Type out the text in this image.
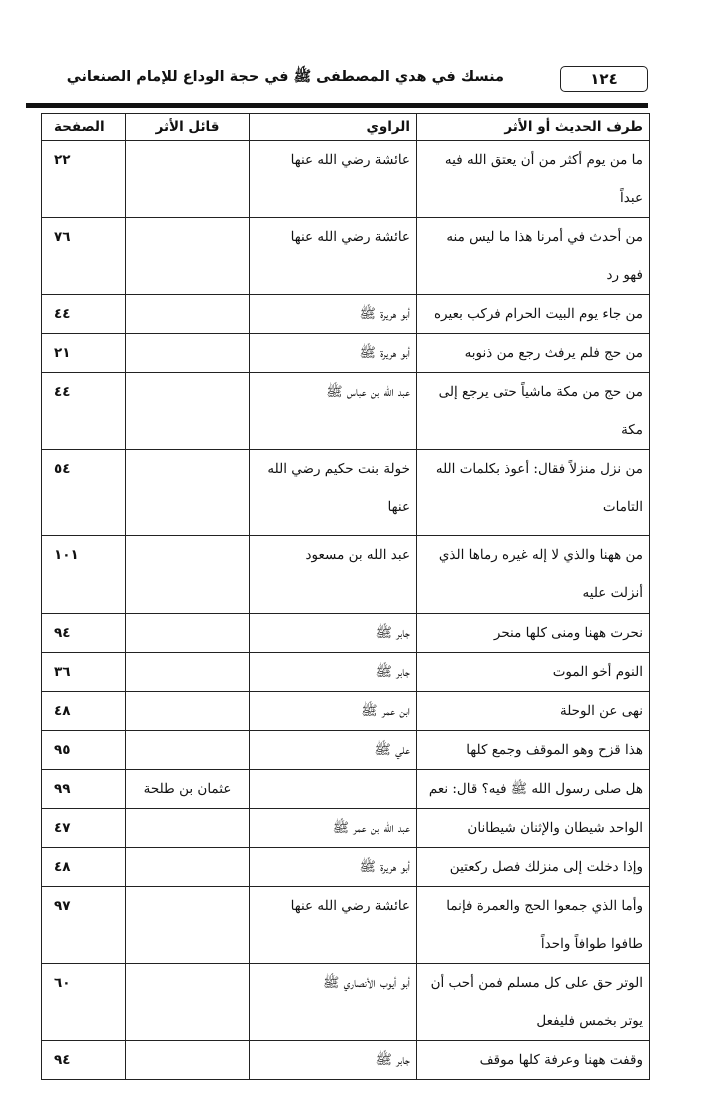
١٢٤
منسك في هدي المصطفى ﷺ في حجة الوداع للإمام الصنعاني
طرف الحديث أو الأثر	الراوي	قائل الأثر	الصفحة
ما من يوم أكثر من أن يعتق الله فيه عبداً	عائشة رضي الله عنها		٢٢
من أحدث في أمرنا هذا ما ليس منه فهو رد	عائشة رضي الله عنها		٧٦
من جاء يوم البيت الحرام فركب بعيره	أبو هريرة ﷺ		٤٤
من حج فلم يرفث رجع من ذنوبه	أبو هريرة ﷺ		٢١
من حج من مكة ماشياً حتى يرجع إلى مكة	عبد الله بن عباس ﷺ		٤٤
من نزل منزلاً فقال: أعوذ بكلمات الله التامات	خولة بنت حكيم رضي الله عنها		٥٤
من ههنا والذي لا إله غيره رماها الذي أنزلت عليه	عبد الله بن مسعود		١٠١
نحرت ههنا ومنى كلها منحر	جابر ﷺ		٩٤
النوم أخو الموت	جابر ﷺ		٣٦
نهى عن الوحلة	ابن عمر ﷺ		٤٨
هذا قزح وهو الموقف وجمع كلها	علي ﷺ		٩٥
هل صلى رسول الله ﷺ فيه؟ قال: نعم		عثمان بن طلحة	٩٩
الواحد شيطان والإثنان شيطانان	عبد الله بن عمر ﷺ		٤٧
وإذا دخلت إلى منزلك فصل ركعتين	أبو هريرة ﷺ		٤٨
وأما الذي جمعوا الحج والعمرة فإنما طافوا طوافاً واحداً	عائشة رضي الله عنها		٩٧
الوتر حق على كل مسلم فمن أحب أن يوتر بخمس فليفعل	أبو أيوب الأنصاري ﷺ		٦٠
وقفت ههنا وعرفة كلها موقف	جابر ﷺ		٩٤
